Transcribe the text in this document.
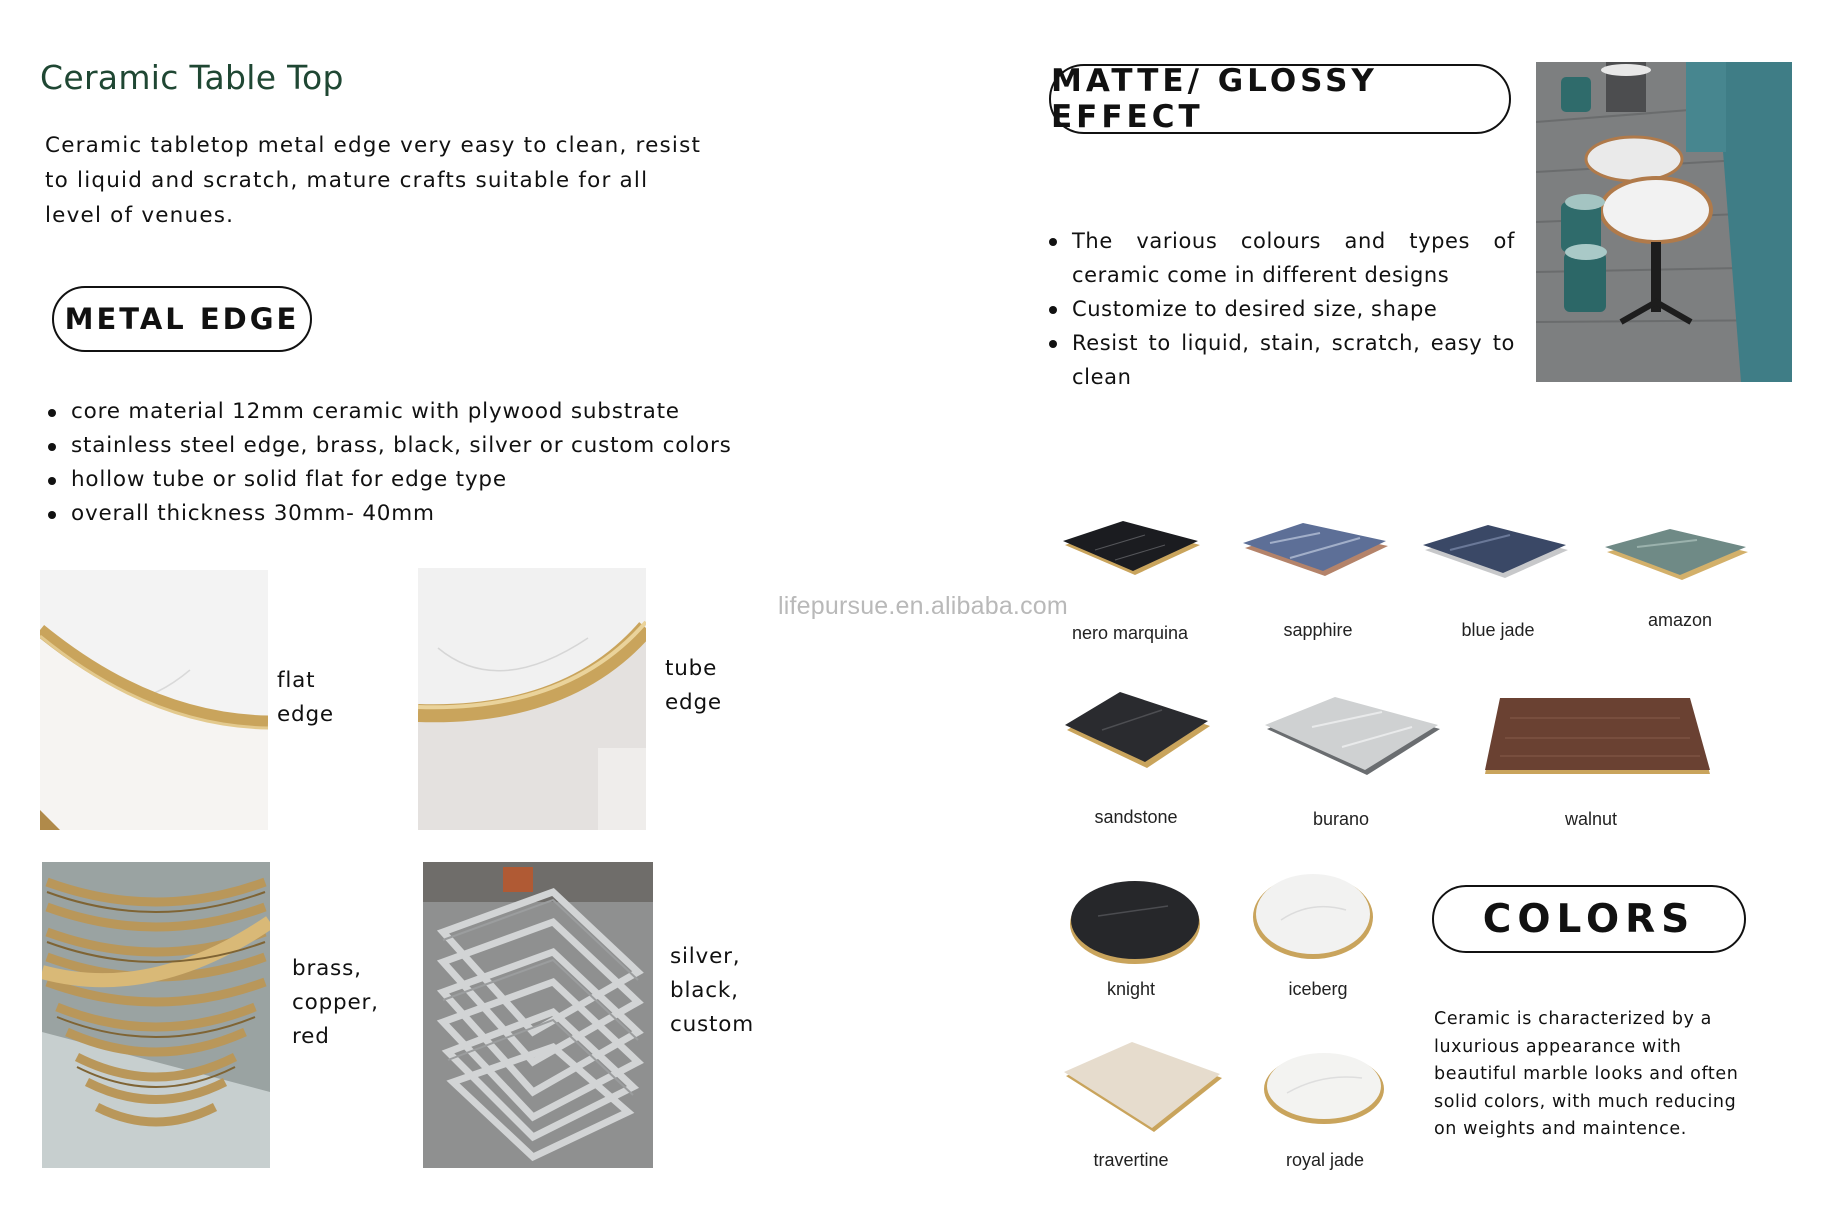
Ceramic Table Top
Ceramic tabletop metal edge very easy to clean, resist to liquid and scratch, mature crafts suitable for all level of venues.
METAL EDGE
core material 12mm ceramic with plywood substrate
stainless steel edge, brass, black, silver or custom colors
hollow tube or solid flat for edge type
overall thickness 30mm- 40mm
flat
edge
tube
edge
brass,
copper,
red
silver,
black,
custom
lifepursue.en.alibaba.com
MATTE/ GLOSSY EFFECT
The various colours and types of ceramic come in different designs
Customize to desired size, shape
Resist to liquid, stain, scratch, easy to clean
nero marquina	sapphire	blue jade	amazon
sandstone	burano	walnut
knight	iceberg
travertine	royal jade
COLORS
Ceramic is characterized by a luxurious appearance with beautiful marble looks and often solid colors, with much reducing on weights and maintence.
